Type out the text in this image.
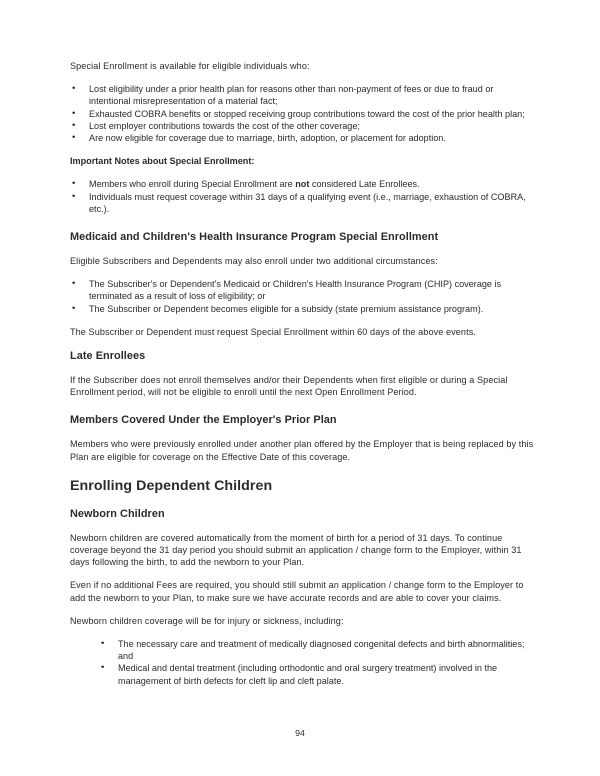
Special Enrollment is available for eligible individuals who:

• Lost eligibility under a prior health plan for reasons other than non-payment of fees or due to fraud or intentional misrepresentation of a material fact;
• Exhausted COBRA benefits or stopped receiving group contributions toward the cost of the prior health plan;
• Lost employer contributions towards the cost of the other coverage;
• Are now eligible for coverage due to marriage, birth, adoption, or placement for adoption.

Important Notes about Special Enrollment:

• Members who enroll during Special Enrollment are not considered Late Enrollees.
• Individuals must request coverage within 31 days of a qualifying event (i.e., marriage, exhaustion of COBRA, etc.).
Medicaid and Children's Health Insurance Program Special Enrollment

Eligible Subscribers and Dependents may also enroll under two additional circumstances:

• The Subscriber's or Dependent's Medicaid or Children's Health Insurance Program (CHIP) coverage is terminated as a result of loss of eligibility; or
• The Subscriber or Dependent becomes eligible for a subsidy (state premium assistance program).

The Subscriber or Dependent must request Special Enrollment within 60 days of the above events.

Late Enrollees

If the Subscriber does not enroll themselves and/or their Dependents when first eligible or during a Special Enrollment period, will not be eligible to enroll until the next Open Enrollment Period.

Members Covered Under the Employer's Prior Plan

Members who were previously enrolled under another plan offered by the Employer that is being replaced by this Plan are eligible for coverage on the Effective Date of this coverage.

Enrolling Dependent Children
Newborn Children

Newborn children are covered automatically from the moment of birth for a period of 31 days. To continue coverage beyond the 31 day period you should submit an application / change form to the Employer, within 31 days following the birth, to add the newborn to your Plan.

Even if no additional Fees are required, you should still submit an application / change form to the Employer to add the newborn to your Plan, to make sure we have accurate records and are able to cover your claims.

Newborn children coverage will be for injury or sickness, including:

• The necessary care and treatment of medically diagnosed congenital defects and birth abnormalities; and
• Medical and dental treatment (including orthodontic and oral surgery treatment) involved in the management of birth defects for cleft lip and cleft palate.
94
